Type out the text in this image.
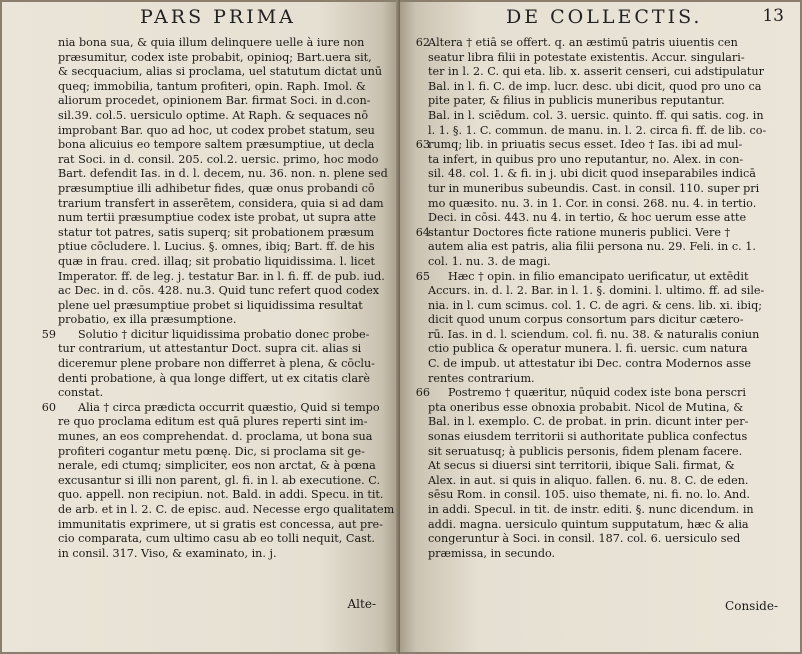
PARS PRIMA
nia bona sua, & quia illum delinquere uelle à iure non
præsumitur, codex iste probabit, opinioq; Bart.uera sit,
& secquacium, alias si proclama, uel statutum dictat unū
queq; immobilia, tantum profiteri, opin. Raph. Imol. &
aliorum procedet, opinionem Bar. firmat Soci. in d.con-
sil.39. col.5. uersiculo optime. At Raph. & sequaces nō
improbant Bar. quo ad hoc, ut codex probet statum, seu
bona alicuius eo tempore saltem præsumptiue, ut decla
rat Soci. in d. consil. 205. col.2. uersic. primo, hoc modo
Bart. defendit Ias. in d. l. decem, nu. 36. non. n. plene sed
præsumptiue illi adhibetur fides, quæ onus probandi cō
trarium transfert in asserētem, considera, quia si ad dam
num tertii præsumptiue codex iste probat, ut supra atte
statur tot patres, satis superq; sit probationem præsum
ptiue cōcludere. l. Lucius. §. omnes, ibiq; Bart. ff. de his
quæ in frau. cred. illaq; sit probatio liquidissima. l. licet
Imperator. ff. de leg. j. testatur Bar. in l. fi. ff. de pub. iud.
ac Dec. in d. cōs. 428. nu.3. Quid tunc refert quod codex
plene uel præsumptiue probet si liquidissima resultat
probatio, ex illa præsumptione.
Solutio † dicitur liquidissima probatio donec probe-
tur contrarium, ut attestantur Doct. supra cit. alias si
diceremur plene probare non differret à plena, & cōclu-
denti probatione, à qua longe differt, ut ex citatis clarè
constat.
Alia † circa prædicta occurrit quæstio, Quid si tempo
re quo proclama editum est quā plures reperti sint im-
munes, an eos comprehendat. d. proclama, ut bona sua
profiteri cogantur metu pœnę. Dic, si proclama sit ge-
nerale, edi ctumq; simpliciter, eos non arctat, & à pœna
excusantur si illi non parent, gl. fi. in l. ab executione. C.
quo. appell. non recipiun. not. Bald. in addi. Specu. in tit.
de arb. et in l. 2. C. de episc. aud. Necesse ergo qualitatem
immunitatis exprimere, ut si gratis est concessa, aut pre-
cio comparata, cum ultimo casu ab eo tolli nequit, Cast.
in consil. 317. Viso, & examinato, in. j.
Alte-
59
60
DE COLLECTIS.	13
Altera † etiā se offert. q. an æstimū patris uiuentis cen
seatur libra filii in potestate existentis. Accur. singulari-
ter in l. 2. C. qui eta. lib. x. asserit censeri, cui adstipulatur
Bal. in l. fi. C. de imp. lucr. desc. ubi dicit, quod pro uno ca
pite pater, & filius in publicis muneribus reputantur.
Bal. in l. sciēdum. col. 3. uersic. quinto. ff. qui satis. cog. in
l. 1. §. 1. C. commun. de manu. in. l. 2. circa fi. ff. de lib. co-
rumq; lib. in priuatis secus esset. Ideo † Ias. ibi ad mul-
ta infert, in quibus pro uno reputantur, no. Alex. in con-
sil. 48. col. 1. & fi. in j. ubi dicit quod inseparabiles indicā
tur in muneribus subeundis. Cast. in consil. 110. super pri
mo quæsito. nu. 3. in 1. Cor. in consi. 268. nu. 4. in tertio.
Deci. in cōsi. 443. nu 4. in tertio, & hoc uerum esse atte
stantur Doctores ficte ratione muneris publici. Vere †
autem alia est patris, alia filii persona nu. 29. Feli. in c. 1.
col. 1. nu. 3. de magi.
Hæc † opin. in filio emancipato uerificatur, ut extēdit
Accurs. in. d. l. 2. Bar. in l. 1. §. domini. l. ultimo. ff. ad sile-
nia. in l. cum scimus. col. 1. C. de agri. & cens. lib. xi. ibiq;
dicit quod unum corpus consortum pars dicitur cætero-
rū. Ias. in d. l. sciendum. col. fi. nu. 38. & naturalis coniun
ctio publica & operatur munera. l. fi. uersic. cum natura
C. de impub. ut attestatur ibi Dec. contra Modernos asse
rentes contrarium.
Postremo † quæritur, nūquid codex iste bona perscri
pta oneribus esse obnoxia probabit. Nicol de Mutina, &
Bal. in l. exemplo. C. de probat. in prin. dicunt inter per-
sonas eiusdem territorii si authoritate publica confectus
sit seruatusq; à publicis personis, fidem plenam facere.
At secus si diuersi sint territorii, ibique Sali. firmat, &
Alex. in aut. si quis in aliquo. fallen. 6. nu. 8. C. de eden.
sēsu Rom. in consil. 105. uiso themate, ni. fi. no. lo. And.
in addi. Specul. in tit. de instr. editi. §. nunc dicendum. in
addi. magna. uersiculo quintum supputatum, hæc & alia
congeruntur à Soci. in consil. 187. col. 6. uersiculo sed
præmissa, in secundo.
Conside-
62
63
64
65
66
